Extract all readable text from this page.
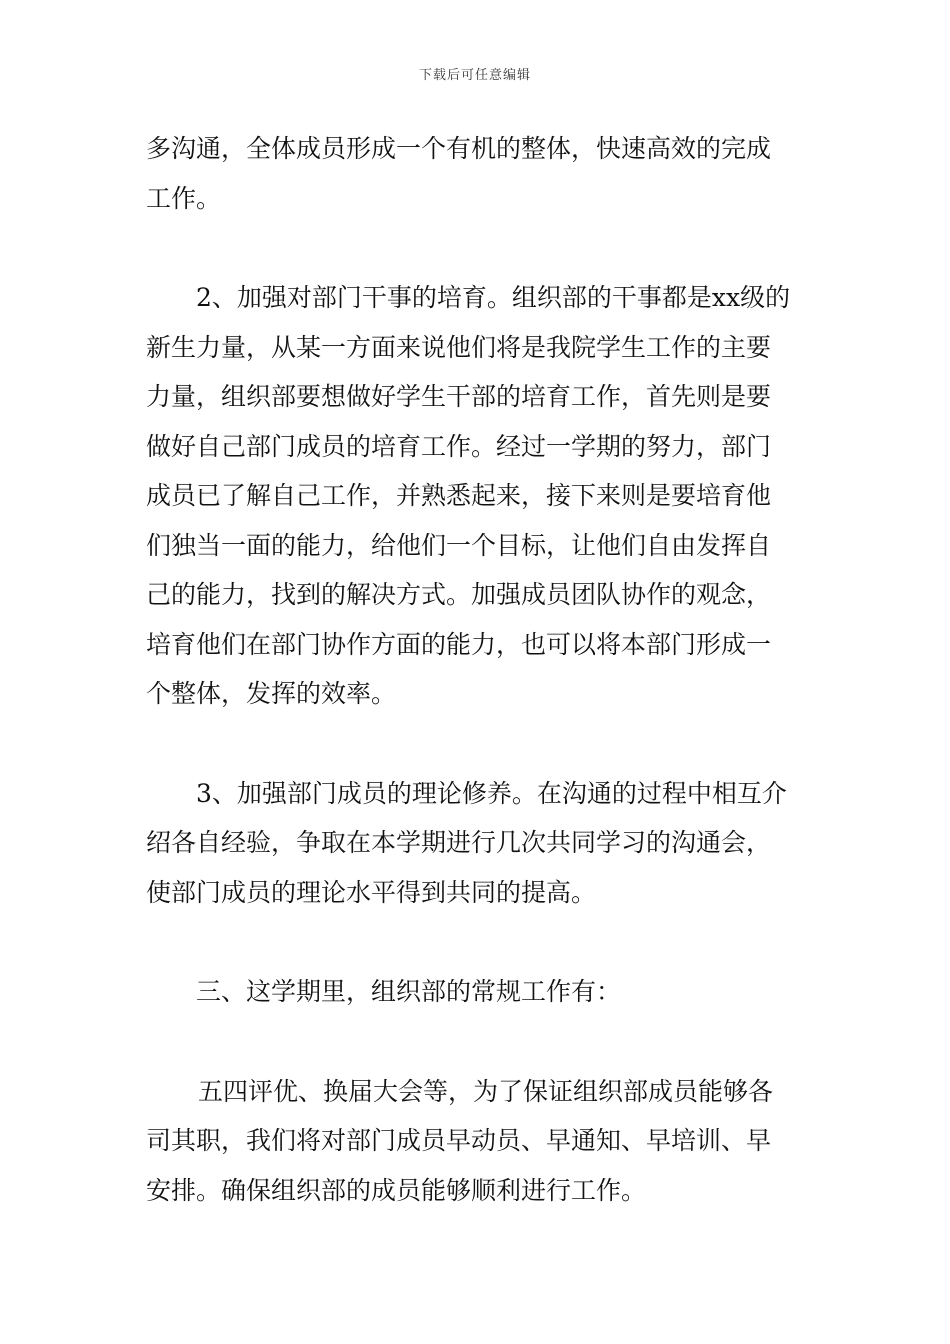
下载后可任意编辑
多沟通，全体成员形成一个有机的整体，快速高效的完成
工作。
2、加强对部门干事的培育。组织部的干事都是xx级的
新生力量，从某一方面来说他们将是我院学生工作的主要
力量，组织部要想做好学生干部的培育工作，首先则是要
做好自己部门成员的培育工作。经过一学期的努力，部门
成员已了解自己工作，并熟悉起来，接下来则是要培育他
们独当一面的能力，给他们一个目标，让他们自由发挥自
己的能力，找到的解决方式。加强成员团队协作的观念，
培育他们在部门协作方面的能力，也可以将本部门形成一
个整体，发挥的效率。
3、加强部门成员的理论修养。在沟通的过程中相互介
绍各自经验，争取在本学期进行几次共同学习的沟通会，
使部门成员的理论水平得到共同的提高。
三、这学期里，组织部的常规工作有：
五四评优、换届大会等，为了保证组织部成员能够各
司其职，我们将对部门成员早动员、早通知、早培训、早
安排。确保组织部的成员能够顺利进行工作。
